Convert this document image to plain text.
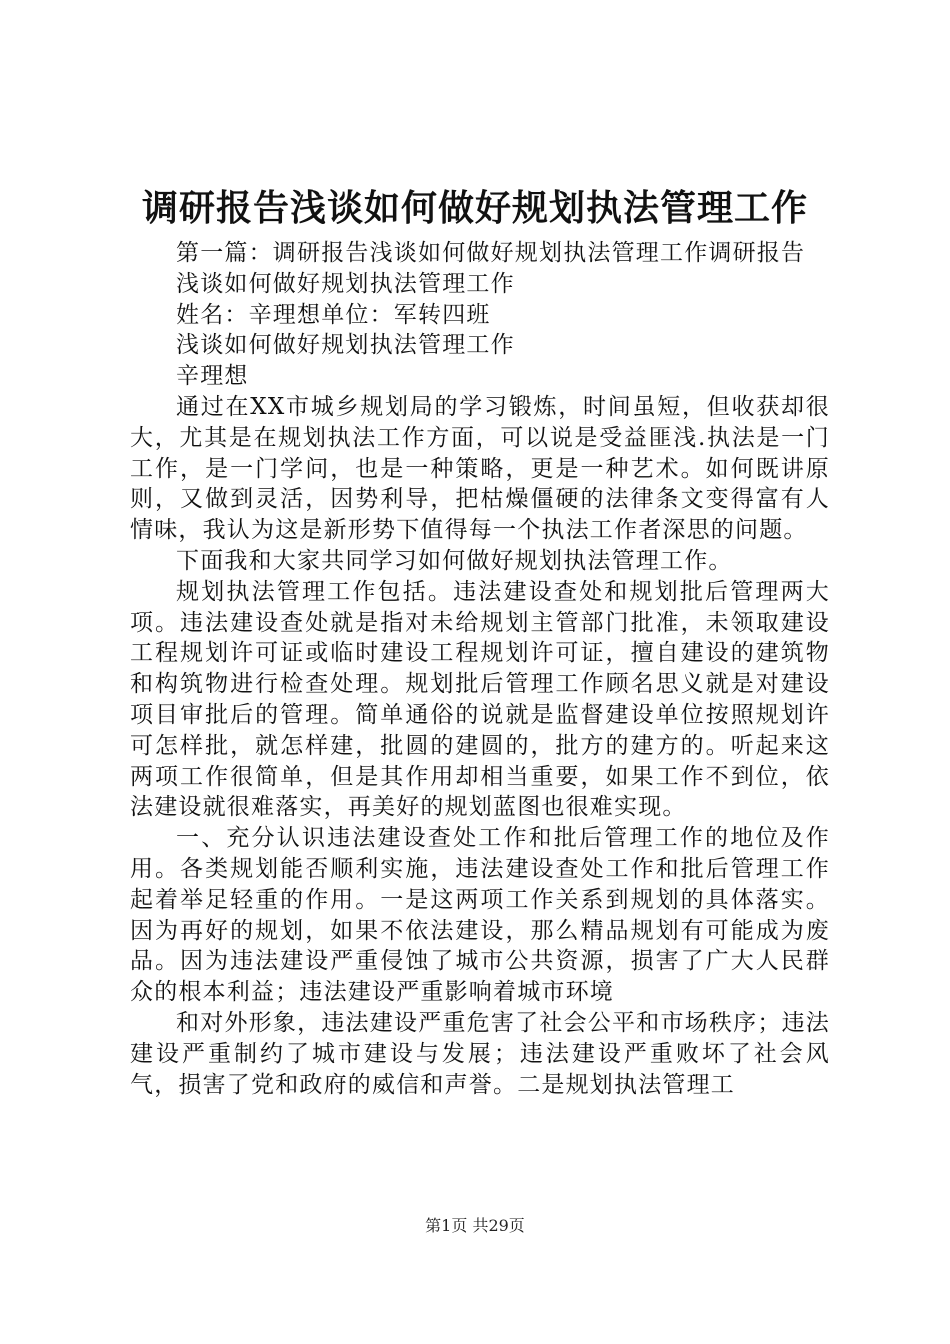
调研报告浅谈如何做好规划执法管理工作

第一篇：调研报告浅谈如何做好规划执法管理工作调研报告

浅谈如何做好规划执法管理工作

姓名：辛理想单位：军转四班

浅谈如何做好规划执法管理工作

辛理想

通过在XX市城乡规划局的学习锻炼，时间虽短，但收获却很大，尤其是在规划执法工作方面，可以说是受益匪浅.执法是一门工作，是一门学问，也是一种策略，更是一种艺术。如何既讲原则，又做到灵活，因势利导，把枯燥僵硬的法律条文变得富有人情味，我认为这是新形势下值得每一个执法工作者深思的问题。

下面我和大家共同学习如何做好规划执法管理工作。

规划执法管理工作包括。违法建设查处和规划批后管理两大项。违法建设查处就是指对未给规划主管部门批准，未领取建设工程规划许可证或临时建设工程规划许可证，擅自建设的建筑物和构筑物进行检查处理。规划批后管理工作顾名思义就是对建设项目审批后的管理。简单通俗的说就是监督建设单位按照规划许可怎样批，就怎样建，批圆的建圆的，批方的建方的。听起来这两项工作很简单，但是其作用却相当重要，如果工作不到位，依法建设就很难落实，再美好的规划蓝图也很难实现。

一、充分认识违法建设查处工作和批后管理工作的地位及作用。各类规划能否顺利实施，违法建设查处工作和批后管理工作起着举足轻重的作用。一是这两项工作关系到规划的具体落实。因为再好的规划，如果不依法建设，那么精品规划有可能成为废品。因为违法建设严重侵蚀了城市公共资源，损害了广大人民群众的根本利益；违法建设严重影响着城市环境

和对外形象，违法建设严重危害了社会公平和市场秩序；违法建设严重制约了城市建设与发展；违法建设严重败坏了社会风气，损害了党和政府的威信和声誉。二是规划执法管理工

第1页 共29页
